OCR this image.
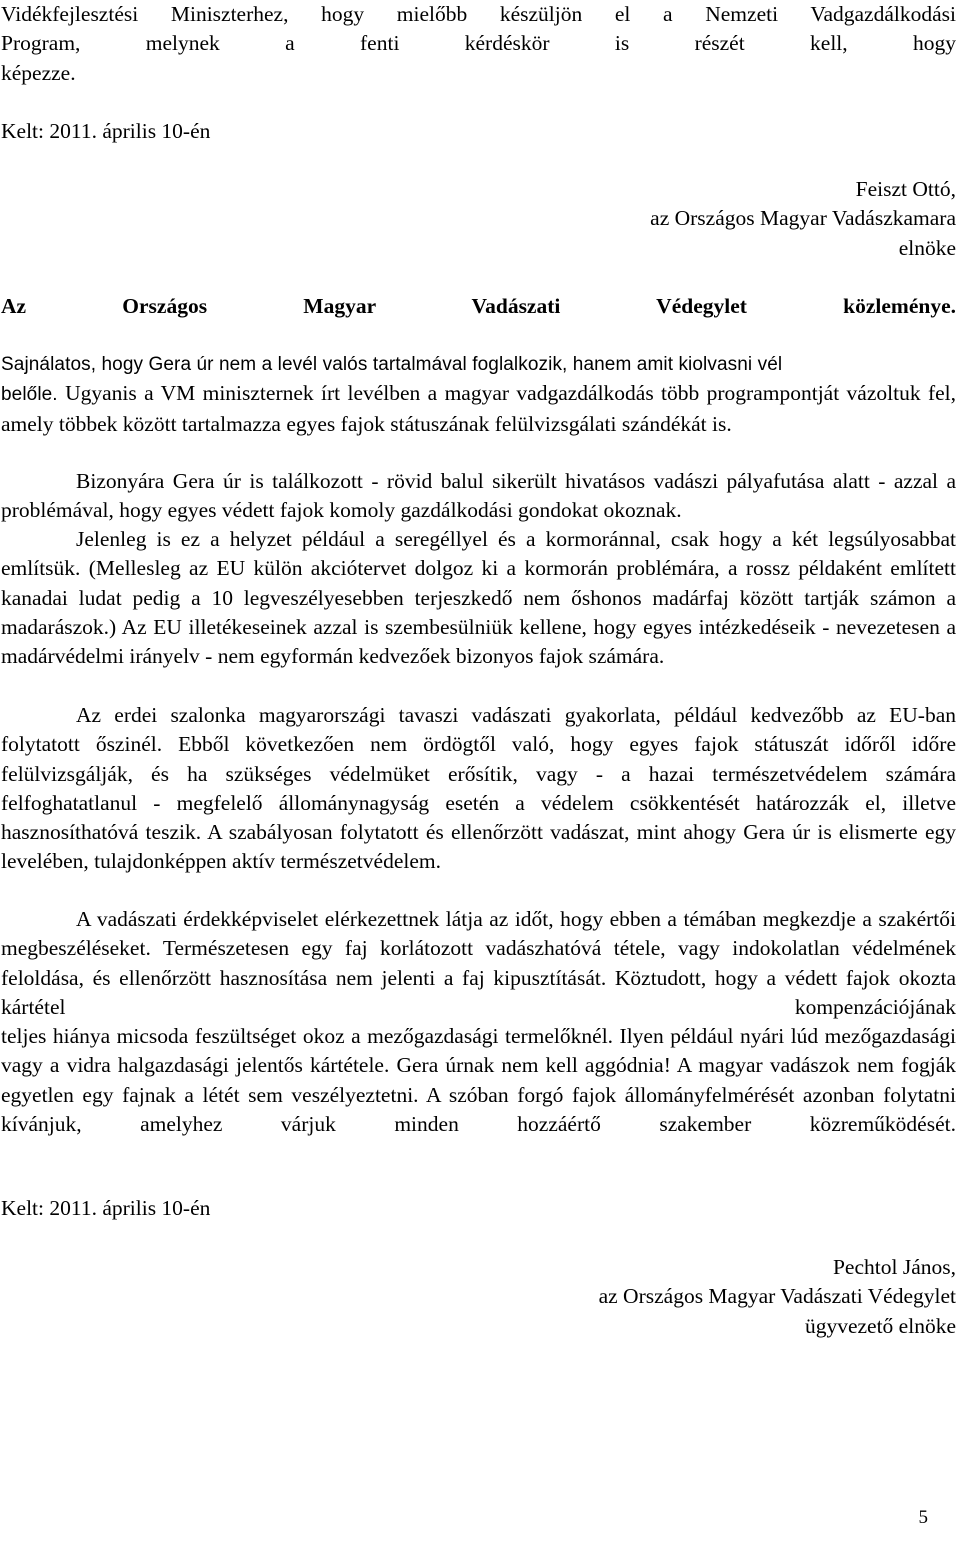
Vidékfejlesztési Miniszterhez, hogy mielőbb készüljön el a Nemzeti Vadgazdálkodási

Program, melynek a fenti kérdéskör is részét kell, hogy

képezze.

Kelt: 2011. április 10-én

Feiszt Ottó,

az Országos Magyar Vadászkamara

elnöke

Az Országos Magyar Vadászati Védegylet közleménye.

Sajnálatos, hogy Gera úr nem a levél valós tartalmával foglalkozik, hanem amit kiolvasni vél

belőle. Ugyanis a VM miniszternek írt levélben a magyar vadgazdálkodás több programpontját vázoltuk fel, amely többek között tartalmazza egyes fajok státuszának felülvizsgálati szándékát is.

Bizonyára Gera úr is találkozott - rövid balul sikerült hivatásos vadászi pályafutása alatt - azzal a problémával, hogy egyes védett fajok komoly gazdálkodási gondokat okoznak.

Jelenleg is ez a helyzet például a seregéllyel és a kormoránnal, csak hogy a két legsúlyosabbat említsük. (Mellesleg az EU külön akciótervet dolgoz ki a kormorán problémára, a rossz példaként említett kanadai ludat pedig a 10 legveszélyesebben terjeszkedő nem őshonos madárfaj között tartják számon a madarászok.) Az EU illetékeseinek azzal is szembesülniük kellene, hogy egyes intézkedéseik - nevezetesen a madárvédelmi irányelv - nem egyformán kedvezőek bizonyos fajok számára.

Az erdei szalonka magyarországi tavaszi vadászati gyakorlata, például kedvezőbb az EU-ban folytatott őszinél. Ebből következően nem ördögtől való, hogy egyes fajok státuszát időről időre felülvizsgálják, és ha szükséges védelmüket erősítik, vagy - a hazai természetvédelem számára felfoghatatlanul - megfelelő állománynagyság esetén a védelem csökkentését határozzák el, illetve hasznosíthatóvá teszik. A szabályosan folytatott és ellenőrzött vadászat, mint ahogy Gera úr is elismerte egy levelében, tulajdonképpen aktív természetvédelem.

A vadászati érdekképviselet elérkezettnek látja az időt, hogy ebben a témában megkezdje a szakértői megbeszéléseket. Természetesen egy faj korlátozott vadászhatóvá tétele, vagy indokolatlan védelmének feloldása, és ellenőrzött hasznosítása nem jelenti a faj kipusztítását. Köztudott, hogy a védett fajok okozta kártétel kompenzációjának

teljes hiánya micsoda feszültséget okoz a mezőgazdasági termelőknél. Ilyen például nyári lúd mezőgazdasági vagy a vidra halgazdasági jelentős kártétele. Gera úrnak nem kell aggódnia! A magyar vadászok nem fogják egyetlen egy fajnak a létét sem veszélyeztetni. A szóban forgó fajok állományfelmérését azonban folytatni kívánjuk, amelyhez várjuk minden hozzáértő szakember közreműködését.

Kelt: 2011. április 10-én

Pechtol János,

az Országos Magyar Vadászati Védegylet

ügyvezető elnöke

5
